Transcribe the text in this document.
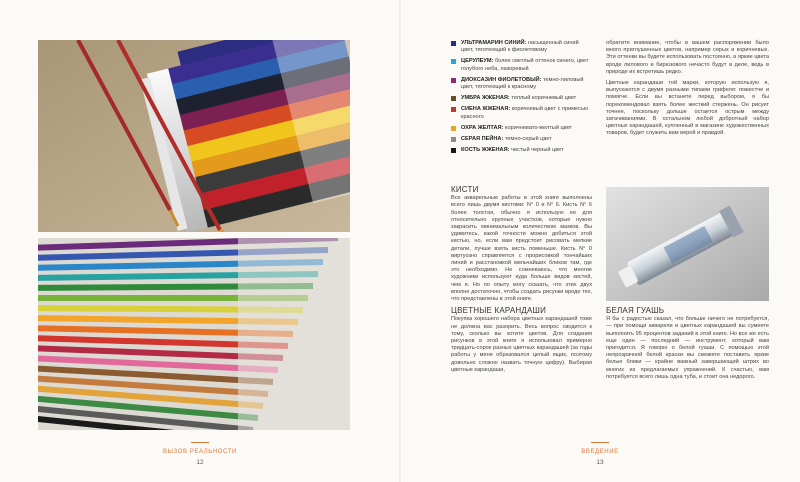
ВЫЗОВ РЕАЛЬНОСТИ
12
ВВЕДЕНИЕ
13
УЛЬТРАМАРИН СИНИЙ: насыщенный синий цвет, тяготеющий к фиолетовому
ЦЕРУЛЕУМ: более светлый оттенок синего, цвет голубого неба, лазоревый
ДИОКСАЗИН ФИОЛЕТОВЫЙ: темно-лиловый цвет, тяготеющий к красному
УМБРА ЖЖЕНАЯ: теплый коричневый цвет
СИЕНА ЖЖЕНАЯ: коричневый цвет с примесью красного
ОХРА ЖЕЛТАЯ: коричневато-желтый цвет
СЕРАЯ ПЕЙНА: темно-серый цвет
КОСТЬ ЖЖЕНАЯ: чистый черный цвет
КИСТИ

Все акварельные работы в этой книге выполнены всего лишь двумя кистями: N° 0 и N° 6. Кисть N° 6 более толстая, обычно я использую ее для относительно крупных участков, которые нужно закрасить минимальным количеством мазков. Вы удивитесь, какой точности можно добиться этой кистью, но, если вам предстоит рисовать мелкие детали, лучше взять кисть поменьше. Кисть N° 0 виртуозно справляется с прорисовкой тончайших линий и расстановкой мельчайших бликов там, где это необходимо. Не сомневаюсь, что многие художники используют куда больше видов кистей, чем я. Но по опыту могу сказать, что этих двух вполне достаточно, чтобы создать рисунки вроде тех, что представлены в этой книге.

ЦВЕТНЫЕ КАРАНДАШИ

Покупка хорошего набора цветных карандашей тоже не должна вас разорить. Весь вопрос сводится к тому, сколько вы хотите цветов. Для создания рисунков в этой книге я использовал примерно тридцать-сорок разных цветных карандашей (за годы работы у меня образовался целый ящик, поэтому довольно сложно назвать точную цифру). Выбирая цветные карандаши,

обратите внимание, чтобы в вашем распоряжении было много приглушенных цветов, например серых и коричневых. Эти оттенки вы будете использовать постоянно, а яркие цвета вроде лилового и бирюзового нечасто будут в деле, ведь в природе их встретишь редко.

Цветные карандаши той марки, которую использую я, выпускаются с двумя разными типами грифеля: пожестче и помягче. Если вы встанете перед выбором, я бы порекомендовал взять более жесткий стержень. Он рисует точнее, поскольку дольше остается острым между затачиваниями. В остальном любой добротный набор цветных карандашей, купленный в магазине художественных товаров, будет служить вам верой и правдой.

БЕЛАЯ ГУАШЬ

Я бы с радостью сказал, что больше ничего не потребуется, — при помощи акварели и цветных карандашей вы сумеете выполнить 95 процентов заданий в этой книге. Но все же есть еще один — последний — инструмент, который вам пригодится. Я говорю о белой гуаши. С помощью этой непрозрачной белой краски вы сможете поставить яркие белые блики — крайне важный завершающий штрих во многих из предлагаемых упражнений. К счастью, вам потребуется всего лишь одна туба, и стоит она недорого.
